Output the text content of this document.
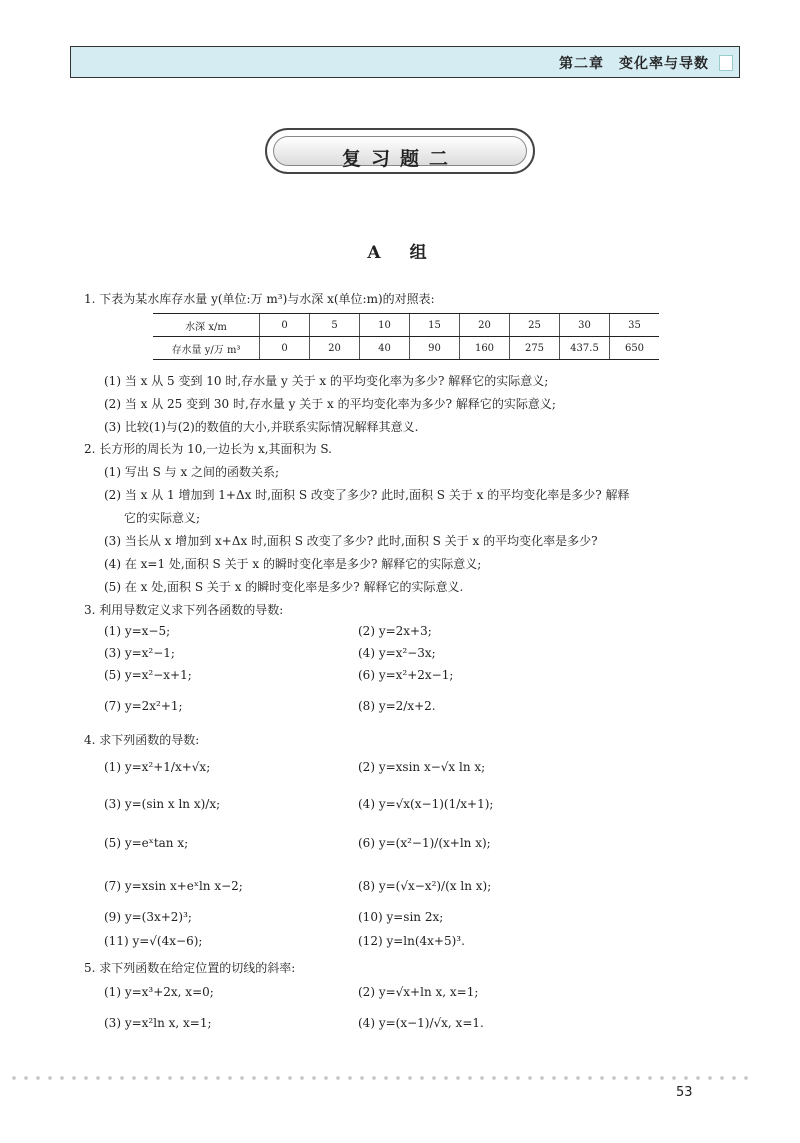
第二章　变化率与导数
复习题二
A　组
1. 下表为某水库存水量 y(单位:万 m³)与水深 x(单位:m)的对照表:
水深 x/m	0	5	10	15	20	25	30	35
存水量 y/万 m³	0	20	40	90	160	275	437.5	650
(1) 当 x 从 5 变到 10 时,存水量 y 关于 x 的平均变化率为多少? 解释它的实际意义;
(2) 当 x 从 25 变到 30 时,存水量 y 关于 x 的平均变化率为多少? 解释它的实际意义;
(3) 比较(1)与(2)的数值的大小,并联系实际情况解释其意义.
2. 长方形的周长为 10,一边长为 x,其面积为 S.
(1) 写出 S 与 x 之间的函数关系;
(2) 当 x 从 1 增加到 1+Δx 时,面积 S 改变了多少? 此时,面积 S 关于 x 的平均变化率是多少? 解释
它的实际意义;
(3) 当长从 x 增加到 x+Δx 时,面积 S 改变了多少? 此时,面积 S 关于 x 的平均变化率是多少?
(4) 在 x=1 处,面积 S 关于 x 的瞬时变化率是多少? 解释它的实际意义;
(5) 在 x 处,面积 S 关于 x 的瞬时变化率是多少? 解释它的实际意义.
3. 利用导数定义求下列各函数的导数:
(1) y=x−5;	(2) y=2x+3;
(3) y=x²−1;	(4) y=x²−3x;
(5) y=x²−x+1;	(6) y=x²+2x−1;
(7) y=2x²+1;	(8) y=2/x+2.
4. 求下列函数的导数:
(1) y=x²+1/x+√x;	(2) y=xsin x−√x ln x;
(3) y=(sin x ln x)/x;	(4) y=√x(x−1)(1/x+1);
(5) y=eˣtan x;	(6) y=(x²−1)/(x+ln x);
(7) y=xsin x+eˣln x−2;	(8) y=(√x−x²)/(x ln x);
(9) y=(3x+2)³;	(10) y=sin 2x;
(11) y=√(4x−6);	(12) y=ln(4x+5)³.
5. 求下列函数在给定位置的切线的斜率:
(1) y=x³+2x, x=0;	(2) y=√x+ln x, x=1;
(3) y=x²ln x, x=1;	(4) y=(x−1)/√x, x=1.
53
